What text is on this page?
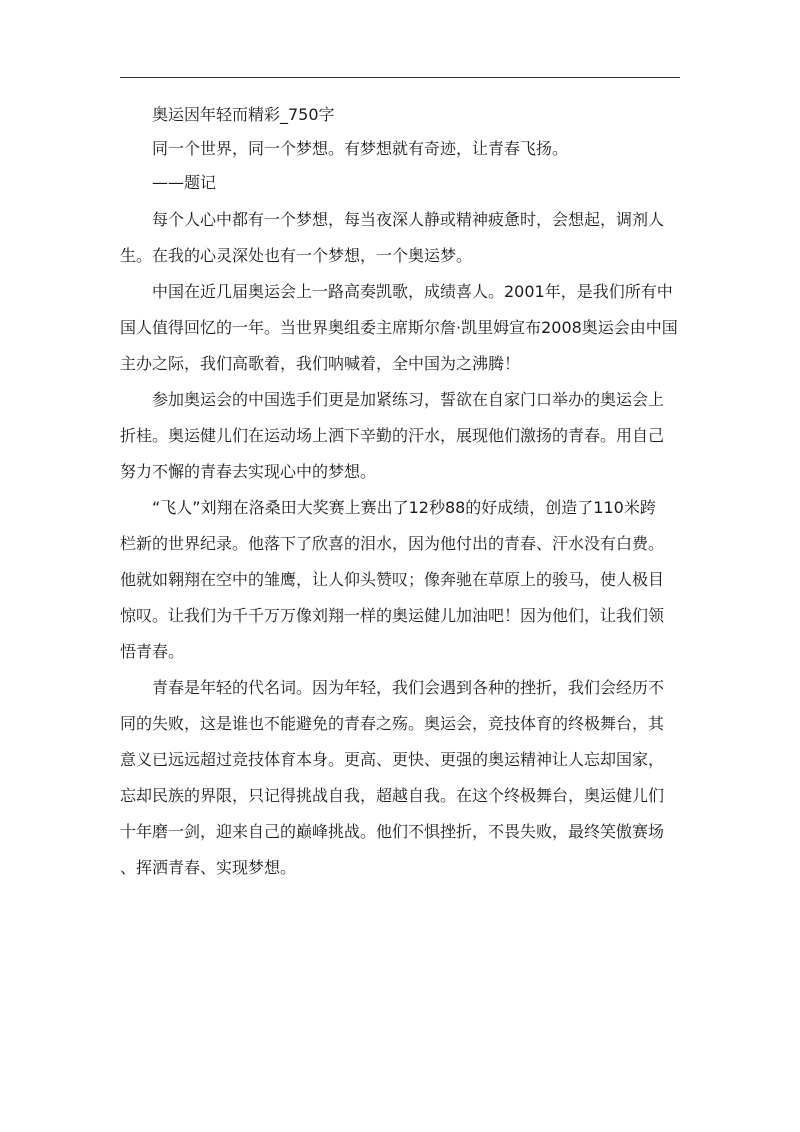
奥运因年轻而精彩_750字

同一个世界，同一个梦想。有梦想就有奇迹，让青春飞扬。

——题记

每个人心中都有一个梦想，每当夜深人静或精神疲惫时，会想起，调剂人
生。在我的心灵深处也有一个梦想，一个奥运梦。
中国在近几届奥运会上一路高奏凯歌，成绩喜人。2001年，是我们所有中
国人值得回忆的一年。当世界奥组委主席斯尔詹·凯里姆宣布2008奥运会由中国
主办之际，我们高歌着，我们呐喊着，全中国为之沸腾！
参加奥运会的中国选手们更是加紧练习，誓欲在自家门口举办的奥运会上
折桂。奥运健儿们在运动场上洒下辛勤的汗水，展现他们激扬的青春。用自己
努力不懈的青春去实现心中的梦想。
“飞人”刘翔在洛桑田大奖赛上赛出了12秒88的好成绩，创造了110米跨
栏新的世界纪录。他落下了欣喜的泪水，因为他付出的青春、汗水没有白费。
他就如翱翔在空中的雏鹰，让人仰头赞叹；像奔驰在草原上的骏马，使人极目
惊叹。让我们为千千万万像刘翔一样的奥运健儿加油吧！因为他们，让我们领
悟青春。
青春是年轻的代名词。因为年轻，我们会遇到各种的挫折，我们会经历不
同的失败，这是谁也不能避免的青春之殇。奥运会，竞技体育的终极舞台，其
意义已远远超过竞技体育本身。更高、更快、更强的奥运精神让人忘却国家，
忘却民族的界限，只记得挑战自我，超越自我。在这个终极舞台，奥运健儿们
十年磨一剑，迎来自己的巅峰挑战。他们不惧挫折，不畏失败，最终笑傲赛场
、挥洒青春、实现梦想。
